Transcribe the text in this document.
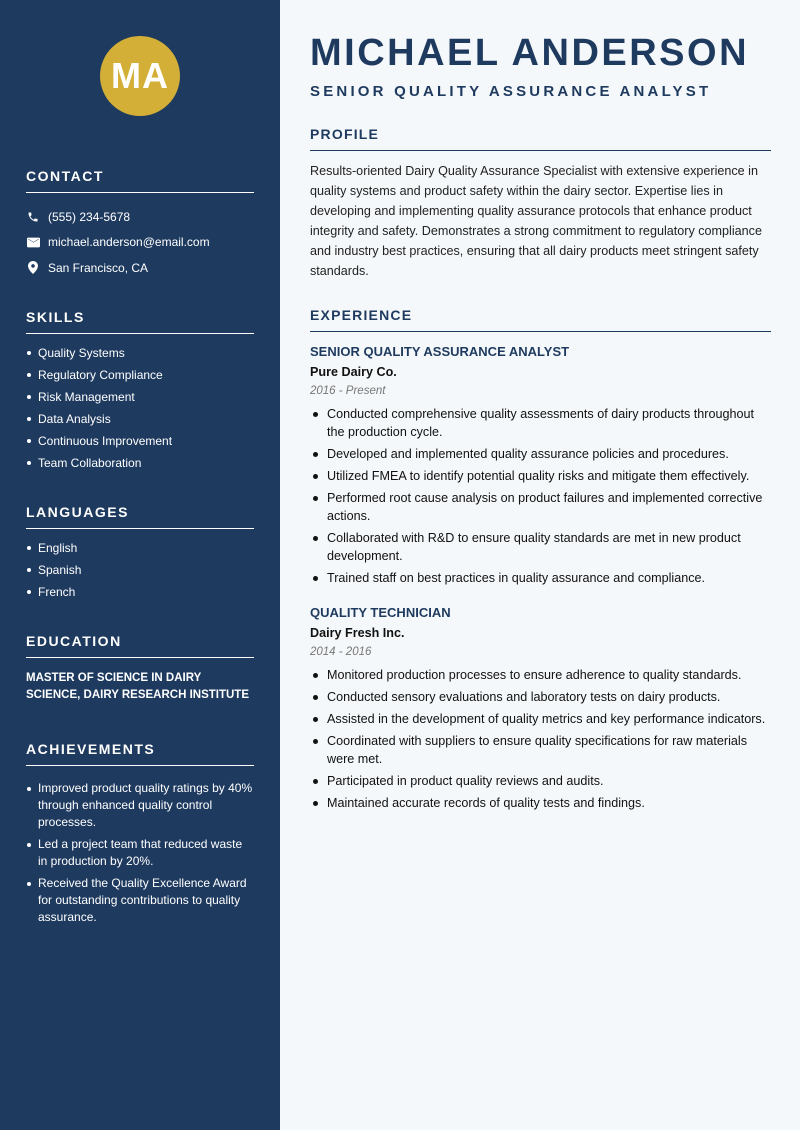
MA
CONTACT
(555) 234-5678
michael.anderson@email.com
San Francisco, CA
SKILLS
Quality Systems
Regulatory Compliance
Risk Management
Data Analysis
Continuous Improvement
Team Collaboration
LANGUAGES
English
Spanish
French
EDUCATION

MASTER OF SCIENCE IN DAIRY SCIENCE, DAIRY RESEARCH INSTITUTE

ACHIEVEMENTS
Improved product quality ratings by 40% through enhanced quality control processes.
Led a project team that reduced waste in production by 20%.
Received the Quality Excellence Award for outstanding contributions to quality assurance.
MICHAEL ANDERSON
SENIOR QUALITY ASSURANCE ANALYST
PROFILE

Results-oriented Dairy Quality Assurance Specialist with extensive experience in quality systems and product safety within the dairy sector. Expertise lies in developing and implementing quality assurance protocols that enhance product integrity and safety. Demonstrates a strong commitment to regulatory compliance and industry best practices, ensuring that all dairy products meet stringent safety standards.

EXPERIENCE
SENIOR QUALITY ASSURANCE ANALYST
Pure Dairy Co.
2016 - Present
Conducted comprehensive quality assessments of dairy products throughout the production cycle.
Developed and implemented quality assurance policies and procedures.
Utilized FMEA to identify potential quality risks and mitigate them effectively.
Performed root cause analysis on product failures and implemented corrective actions.
Collaborated with R&D to ensure quality standards are met in new product development.
Trained staff on best practices in quality assurance and compliance.
QUALITY TECHNICIAN
Dairy Fresh Inc.
2014 - 2016
Monitored production processes to ensure adherence to quality standards.
Conducted sensory evaluations and laboratory tests on dairy products.
Assisted in the development of quality metrics and key performance indicators.
Coordinated with suppliers to ensure quality specifications for raw materials were met.
Participated in product quality reviews and audits.
Maintained accurate records of quality tests and findings.
